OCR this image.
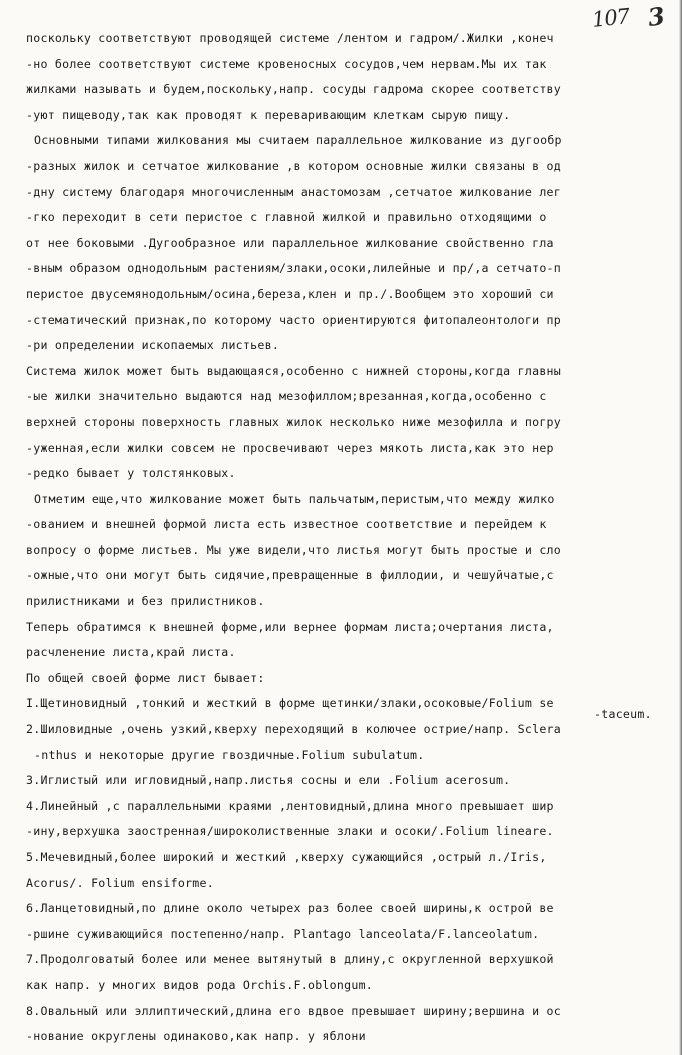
107 3
поскольку соответствуют проводящей системе /лентом и гадром/.Жилки ,конеч
-но более соответствуют системе кровеносных сосудов,чем нервам.Мы их так
жилками называть и будем,поскольку,напр. сосуды гадрома скорее соответству
-уют пищеводу,так как проводят к переваривающим клеткам сырую пищу.
Основными типами жилкования мы считаем параллельное жилкование из дугообр
-разных жилок и сетчатое жилкование ,в котором основные жилки связаны в од
-дну систему благодаря многочисленным анастомозам ,сетчатое жилкование лег
-гко переходит в сети перистое с главной жилкой и правильно отходящими о
от нее боковыми .Дугообразное или параллельное жилкование свойственно гла
-вным образом однодольным растениям/злаки,осоки,лилейные и пр/,а сетчато-п
перистое двусемянодольным/осина,береза,клен и пр./.Вообщем это хороший си
-стематический признак,по которому часто ориентируются фитопалеонтологи пр
-ри определении ископаемых листьев.
Система жилок может быть выдающаяся,особенно с нижней стороны,когда главны
-ые жилки значительно выдаются над мезофиллом;врезанная,когда,особенно с
верхней стороны поверхность главных жилок несколько ниже мезофилла и погру
-уженная,если жилки совсем не просвечивают через мякоть листа,как это нер
-редко бывает у толстянковых.
Отметим еще,что жилкование может быть пальчатым,перистым,что между жилко
-ованием и внешней формой листа есть известное соответствие и перейдем к
вопросу о форме листьев. Мы уже видели,что листья могут быть простые и сло
-ожные,что они могут быть сидячие,превращенные в филлодии, и чешуйчатые,с
прилистниками и без прилистников.
Теперь обратимся к внешней форме,или вернее формам листа;очертания листа,
расчленение листа,край листа.
По общей своей форме лист бывает:
I.Щетиновидный ,тонкий и жесткий в форме щетинки/злаки,осоковые/Folium se
-taceum.
2.Шиловидные ,очень узкий,кверху переходящий в колючее острие/напр. Sclera
-nthus и некоторые другие гвоздичные.Folium subulatum.
3.Иглистый или игловидный,напр.листья сосны и ели .Folium acerosum.
4.Линейный ,с параллельными краями ,лентовидный,длина много превышает шир
-ину,верхушка заостренная/широколиственные злаки и осоки/.Folium lineare.
5.Мечевидный,более широкий и жесткий ,кверху сужающийся ,острый л./Iris,
Acorus/. Folium ensiforme.
6.Ланцетовидный,по длине около четырех раз более своей ширины,к острой ве
-ршине суживающийся постепенно/напр. Plantago lanceolata/F.lanceolatum.
7.Продолговатый более или менее вытянутый в длину,с округленной верхушкой
как напр. у многих видов рода Orchis.F.oblongum.
8.Овальный или эллиптический,длина его вдвое превышает ширину;вершина и ос
-нование округлены одинаково,как напр. у яблони
